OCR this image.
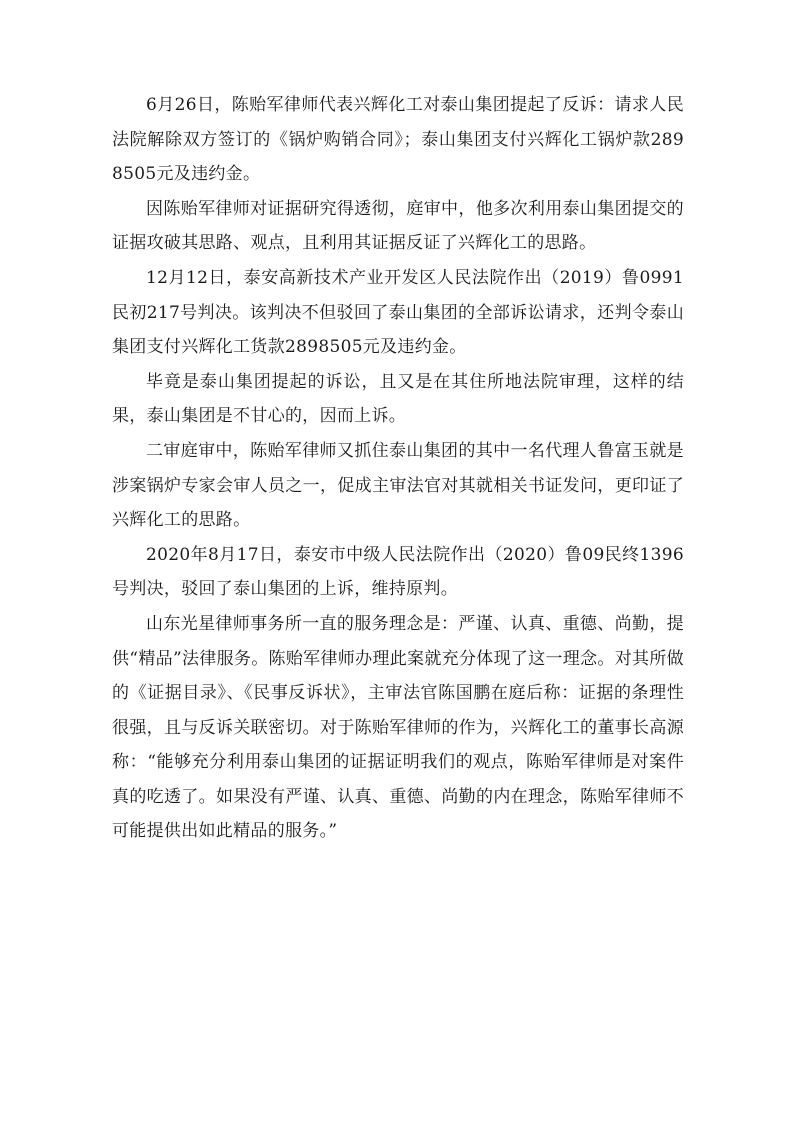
6月26日，陈贻军律师代表兴辉化工对泰山集团提起了反诉：请求人民法院解除双方签订的《锅炉购销合同》；泰山集团支付兴辉化工锅炉款2898505元及违约金。

因陈贻军律师对证据研究得透彻，庭审中，他多次利用泰山集团提交的证据攻破其思路、观点，且利用其证据反证了兴辉化工的思路。

12月12日，泰安高新技术产业开发区人民法院作出（2019）鲁0991民初217号判决。该判决不但驳回了泰山集团的全部诉讼请求，还判令泰山集团支付兴辉化工货款2898505元及违约金。

毕竟是泰山集团提起的诉讼，且又是在其住所地法院审理，这样的结果，泰山集团是不甘心的，因而上诉。

二审庭审中，陈贻军律师又抓住泰山集团的其中一名代理人鲁富玉就是涉案锅炉专家会审人员之一，促成主审法官对其就相关书证发问，更印证了兴辉化工的思路。

2020年8月17日，泰安市中级人民法院作出（2020）鲁09民终1396号判决，驳回了泰山集团的上诉，维持原判。

山东光星律师事务所一直的服务理念是：严谨、认真、重德、尚勤，提供“精品”法律服务。陈贻军律师办理此案就充分体现了这一理念。对其所做的《证据目录》、《民事反诉状》，主审法官陈国鹏在庭后称：证据的条理性很强，且与反诉关联密切。对于陈贻军律师的作为，兴辉化工的董事长高源称：“能够充分利用泰山集团的证据证明我们的观点，陈贻军律师是对案件真的吃透了。如果没有严谨、认真、重德、尚勤的内在理念，陈贻军律师不可能提供出如此精品的服务。”
